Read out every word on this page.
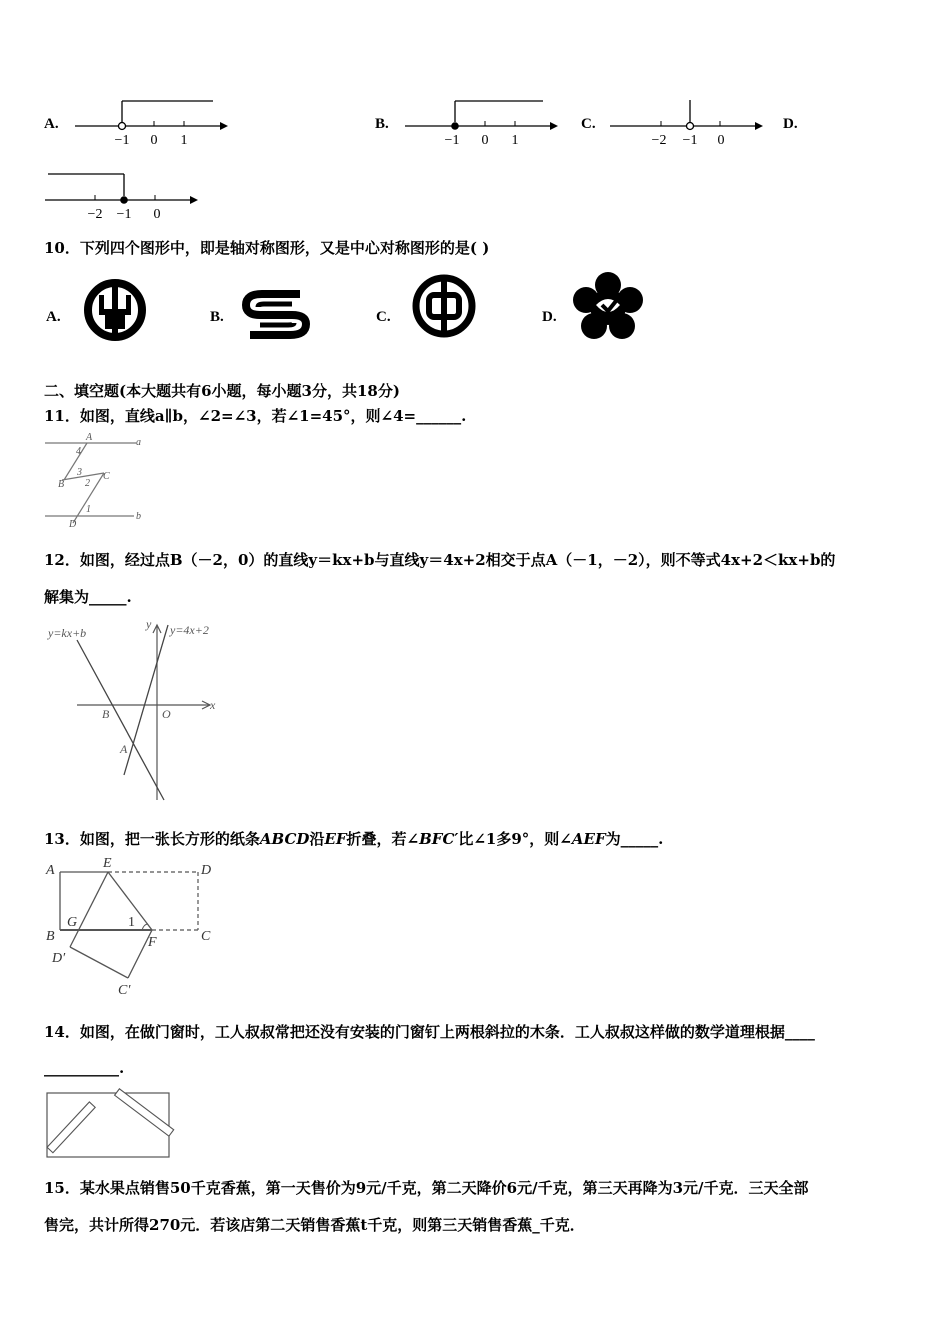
A.
−1 0 1
B.
−1 0 1
C.
−2 −1 0
D.
−2 −1 0
10．下列四个图形中，即是轴对称图形，又是中心对称图形的是( )
A.	B.	C.	D.
二、填空题(本大题共有6小题，每小题3分，共18分)
11．如图，直线a∥b，∠2=∠3，若∠1=45°，则∠4=______.
A	a
4
3
B
C
2
1
D
b
12．如图，经过点B（－2，0）的直线y＝kx+b与直线y＝4x+2相交于点A（－1，－2），则不等式4x+2＜kx+b的
解集为_____.
y=kx+b	y=4x+2
y
x
B	O
A
13．如图，把一张长方形的纸条ABCD沿EF折叠，若∠BFC′比∠1多9°，则∠AEF为_____.
A	E	D
G	1
B	F	C
D′
C′
14．如图，在做门窗时，工人叔叔常把还没有安装的门窗钉上两根斜拉的木条．工人叔叔这样做的数学道理根据____
__________.
15．某水果点销售50千克香蕉，第一天售价为9元/千克，第二天降价6元/千克，第三天再降为3元/千克．三天全部
售完，共计所得270元．若该店第二天销售香蕉t千克，则第三天销售香蕉_千克．
